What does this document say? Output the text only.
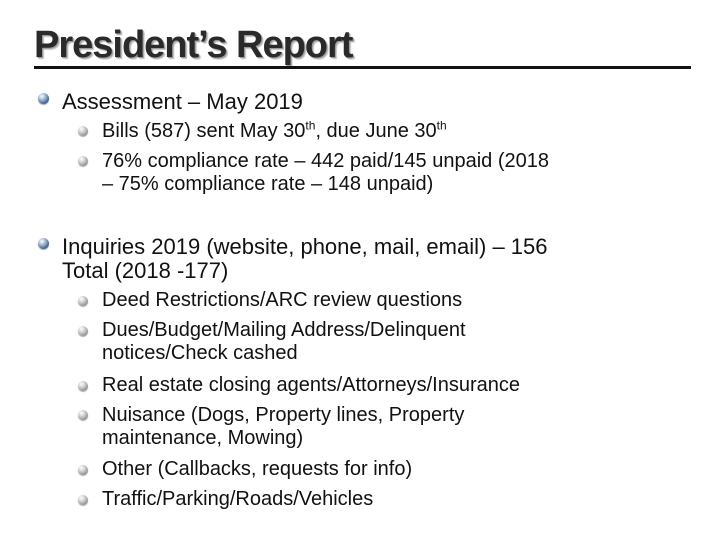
President’s Report
Assessment – May 2019
Bills (587) sent May 30th, due June 30th
76% compliance rate – 442 paid/145 unpaid (2018
– 75% compliance rate – 148 unpaid)
Inquiries 2019 (website, phone, mail, email) – 156
Total (2018 -177)
Deed Restrictions/ARC review questions
Dues/Budget/Mailing Address/Delinquent
notices/Check cashed
Real estate closing agents/Attorneys/Insurance
Nuisance (Dogs, Property lines, Property
maintenance, Mowing)
Other (Callbacks, requests for info)
Traffic/Parking/Roads/Vehicles
